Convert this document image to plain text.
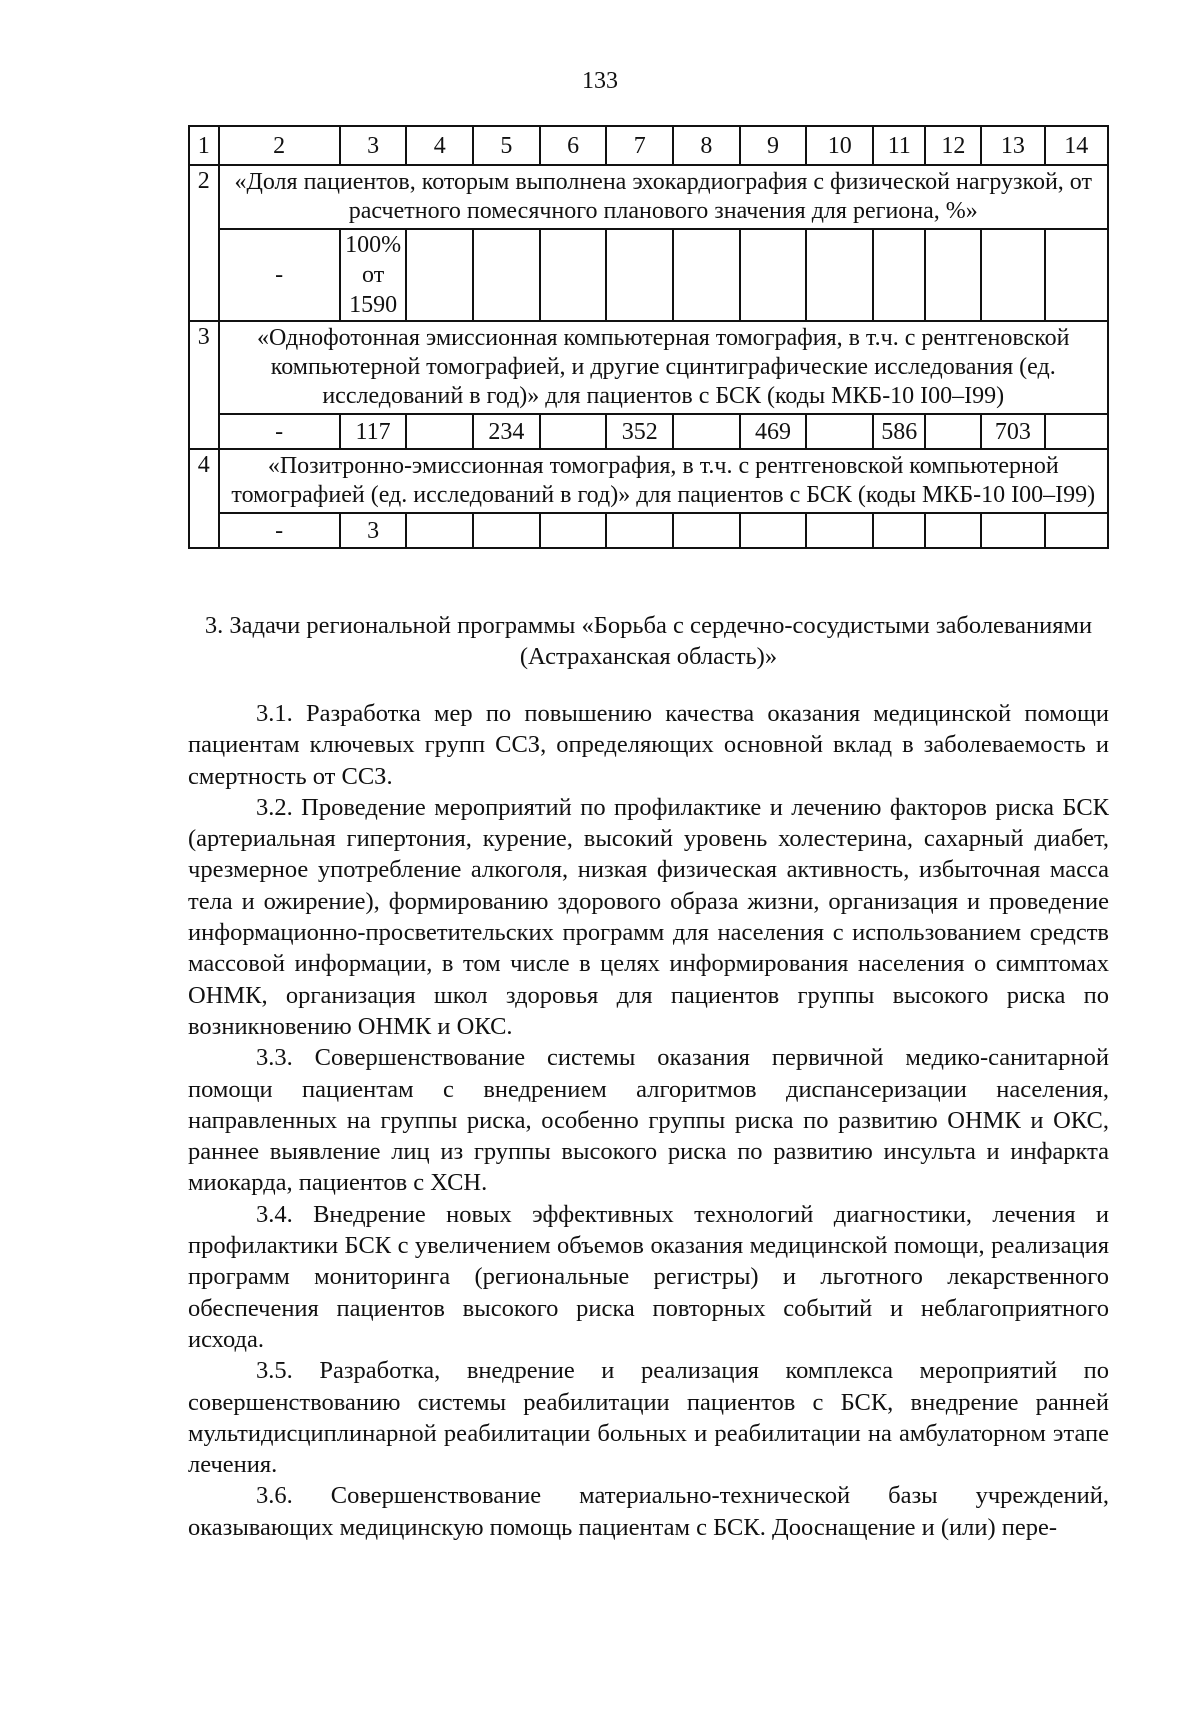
133
1	2	3	4	5	6	7	8	9	10	11	12	13	14
2	«Доля пациентов, которым выполнена эхокардиография с физической нагрузкой, от расчетного помесячного планового значения для региона, %»												
	-	100% от 1590											
3	«Однофотонная эмиссионная компьютерная томография, в т.ч. с рентгеновской компьютерной томографией, и другие сцинтиграфические исследования (ед. исследований в год)» для пациентов с БСК (коды МКБ-10 I00–I99)												
	-	117		234		352		469		586		703	
4	«Позитронно-эмиссионная томография, в т.ч. с рентгеновской компьютерной томографией (ед. исследований в год)» для пациентов с БСК (коды МКБ-10 I00–I99)												
	-	3											
3. Задачи региональной программы «Борьба с сердечно-сосудистыми заболеваниями (Астраханская область)»

3.1. Разработка мер по повышению качества оказания медицинской помощи пациентам ключевых групп ССЗ, определяющих основной вклад в заболеваемость и смертность от ССЗ.

3.2. Проведение мероприятий по профилактике и лечению факторов риска БСК (артериальная гипертония, курение, высокий уровень холестерина, сахарный диабет, чрезмерное употребление алкоголя, низкая физическая активность, избыточная масса тела и ожирение), формированию здорового образа жизни, организация и проведение информационно-просветительских программ для населения с использованием средств массовой информации, в том числе в целях информирования населения о симптомах ОНМК, организация школ здоровья для пациентов группы высокого риска по возникновению ОНМК и ОКС.

3.3. Совершенствование системы оказания первичной медико-санитарной помощи пациентам с внедрением алгоритмов диспансеризации населения, направленных на группы риска, особенно группы риска по развитию ОНМК и ОКС, раннее выявление лиц из группы высокого риска по развитию инсульта и инфаркта миокарда, пациентов с ХСН.

3.4. Внедрение новых эффективных технологий диагностики, лечения и профилактики БСК с увеличением объемов оказания медицинской помощи, реализация программ мониторинга (региональные регистры) и льготного лекарственного обеспечения пациентов высокого риска повторных событий и неблагоприятного исхода.

3.5. Разработка, внедрение и реализация комплекса мероприятий по совершенствованию системы реабилитации пациентов с БСК, внедрение ранней мультидисциплинарной реабилитации больных и реабилитации на амбулаторном этапе лечения.

3.6. Совершенствование материально-технической базы учреждений, оказывающих медицинскую помощь пациентам с БСК. Дооснащение и (или) пере-
